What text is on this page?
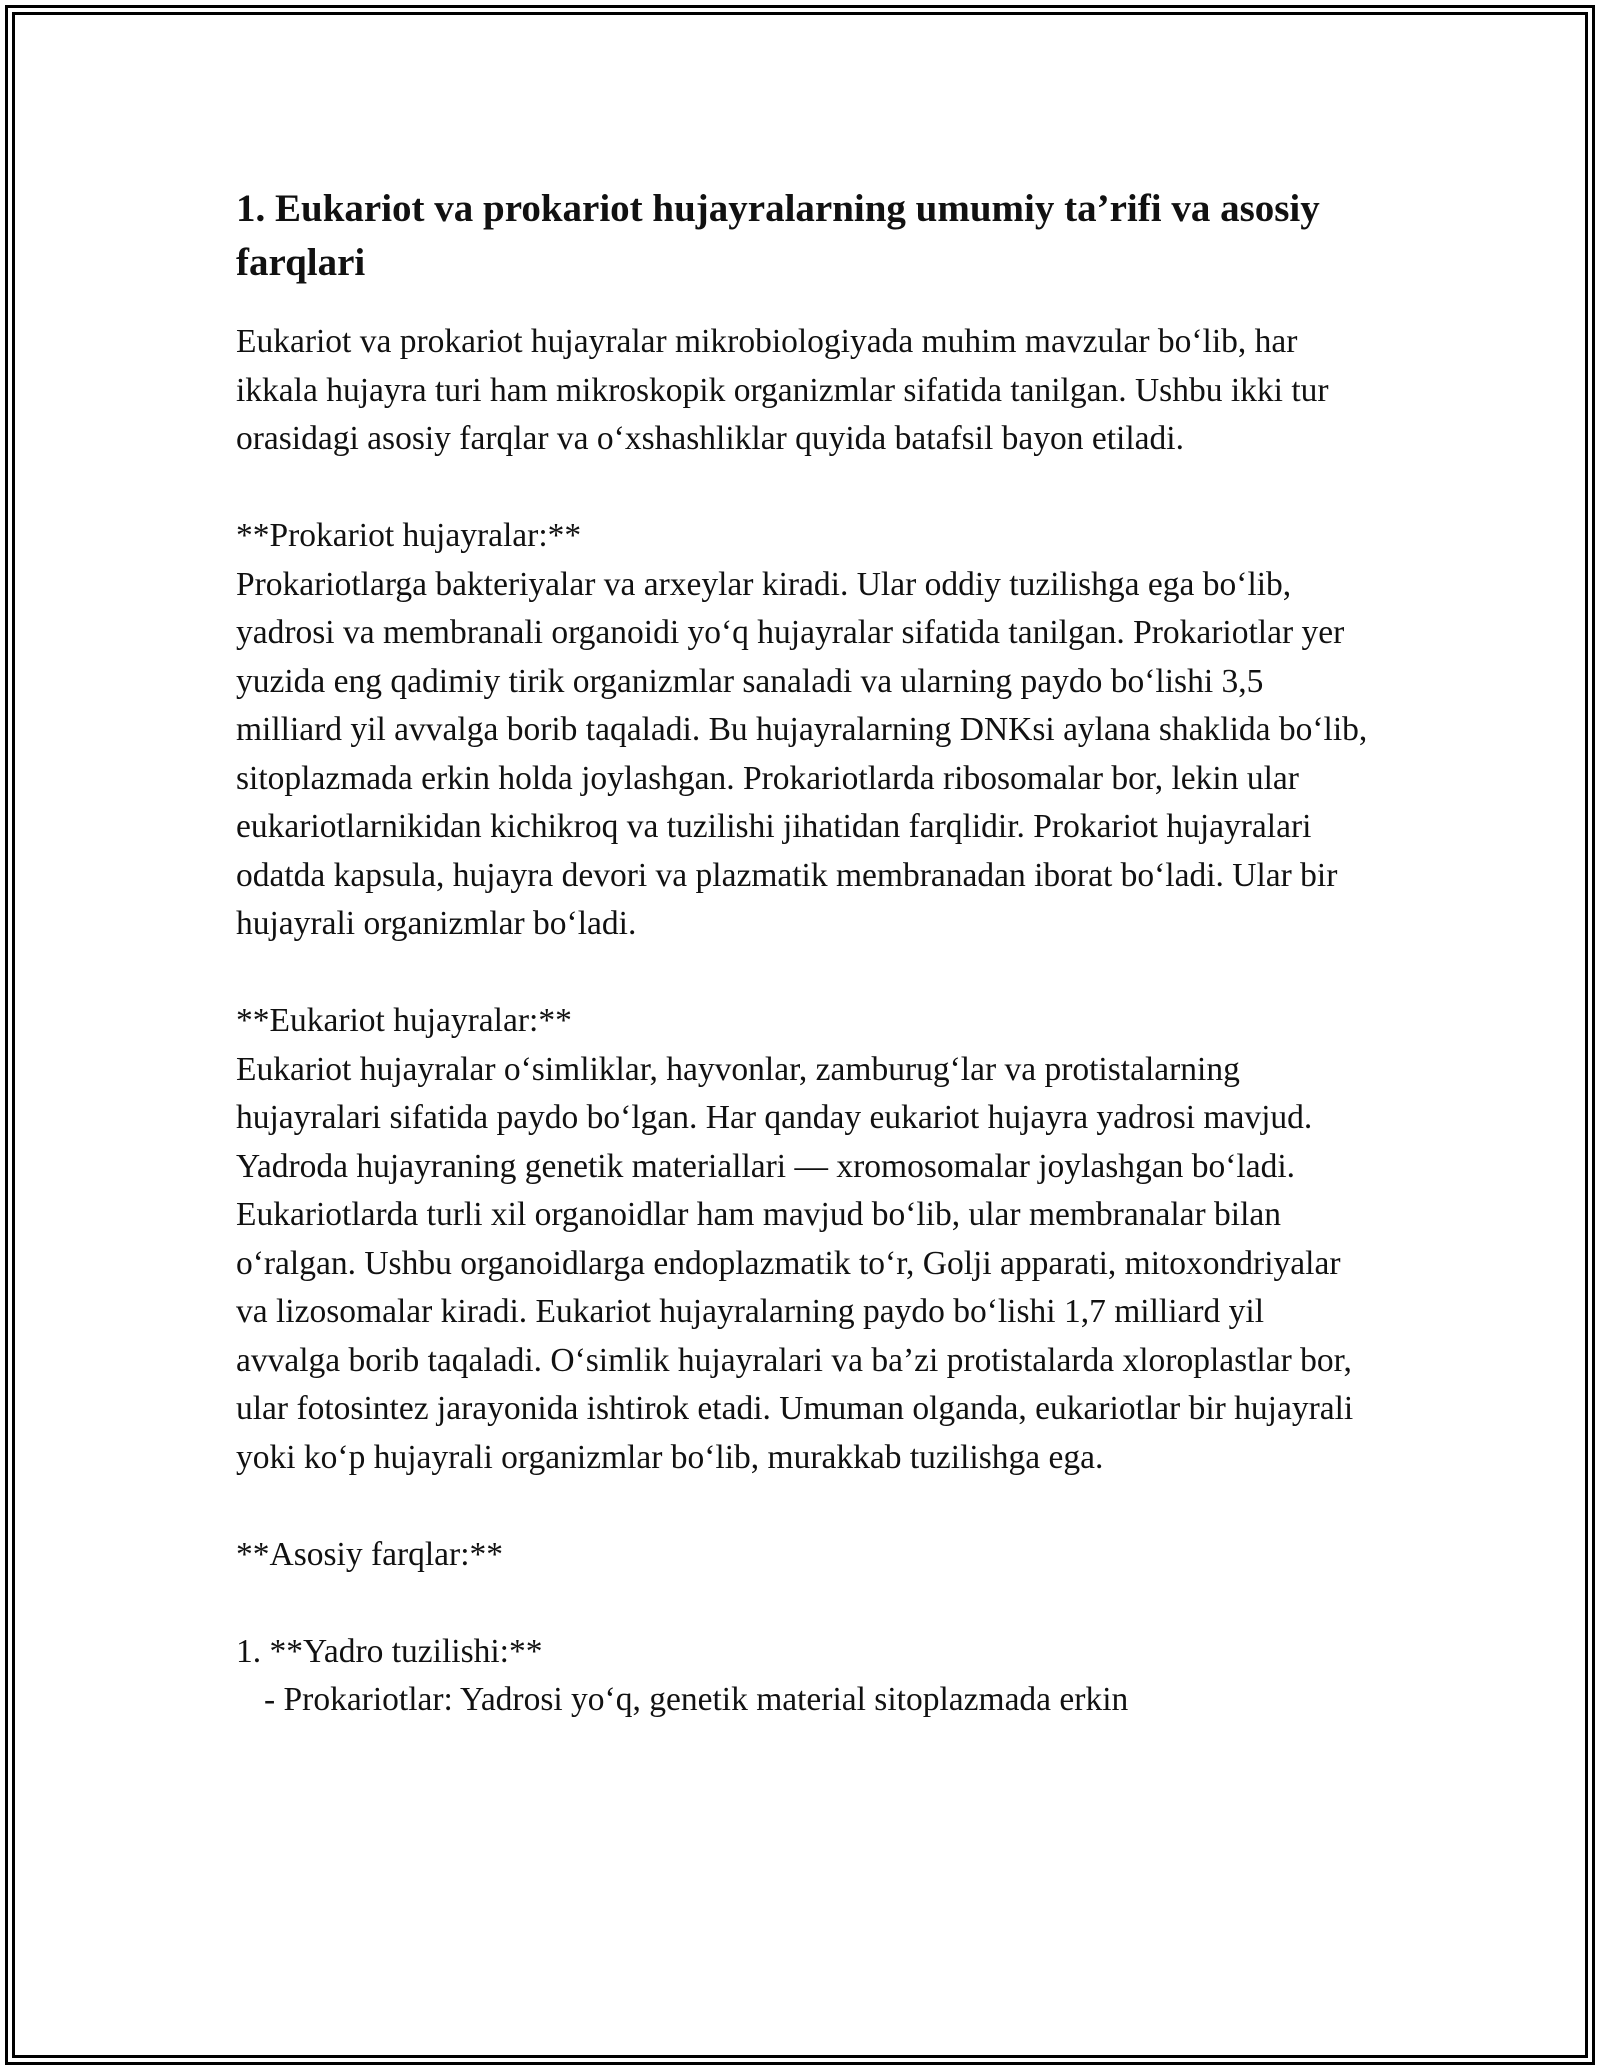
1. Eukariot va prokariot hujayralarning umumiy ta’rifi va asosiy farqlari

Eukariot va prokariot hujayralar mikrobiologiyada muhim mavzular bo‘lib, har ikkala hujayra turi ham mikroskopik organizmlar sifatida tanilgan. Ushbu ikki tur orasidagi asosiy farqlar va o‘xshashliklar quyida batafsil bayon etiladi.

**Prokariot hujayralar:**

Prokariotlarga bakteriyalar va arxeylar kiradi. Ular oddiy tuzilishga ega bo‘lib, yadrosi va membranali organoidi yo‘q hujayralar sifatida tanilgan. Prokariotlar yer yuzida eng qadimiy tirik organizmlar sanaladi va ularning paydo bo‘lishi 3,5 milliard yil avvalga borib taqaladi. Bu hujayralarning DNKsi aylana shaklida bo‘lib, sitoplazmada erkin holda joylashgan. Prokariotlarda ribosomalar bor, lekin ular eukariotlarnikidan kichikroq va tuzilishi jihatidan farqlidir. Prokariot hujayralari odatda kapsula, hujayra devori va plazmatik membranadan iborat bo‘ladi. Ular bir hujayrali organizmlar bo‘ladi.

**Eukariot hujayralar:**

Eukariot hujayralar o‘simliklar, hayvonlar, zamburug‘lar va protistalarning hujayralari sifatida paydo bo‘lgan. Har qanday eukariot hujayra yadrosi mavjud. Yadroda hujayraning genetik materiallari — xromosomalar joylashgan bo‘ladi. Eukariotlarda turli xil organoidlar ham mavjud bo‘lib, ular membranalar bilan o‘ralgan. Ushbu organoidlarga endoplazmatik to‘r, Golji apparati, mitoxondriyalar va lizosomalar kiradi. Eukariot hujayralarning paydo bo‘lishi 1,7 milliard yil avvalga borib taqaladi. O‘simlik hujayralari va ba’zi protistalarda xloroplastlar bor, ular fotosintez jarayonida ishtirok etadi. Umuman olganda, eukariotlar bir hujayrali yoki ko‘p hujayrali organizmlar bo‘lib, murakkab tuzilishga ega.

**Asosiy farqlar:**

1. **Yadro tuzilishi:**

- Prokariotlar: Yadrosi yo‘q, genetik material sitoplazmada erkin
